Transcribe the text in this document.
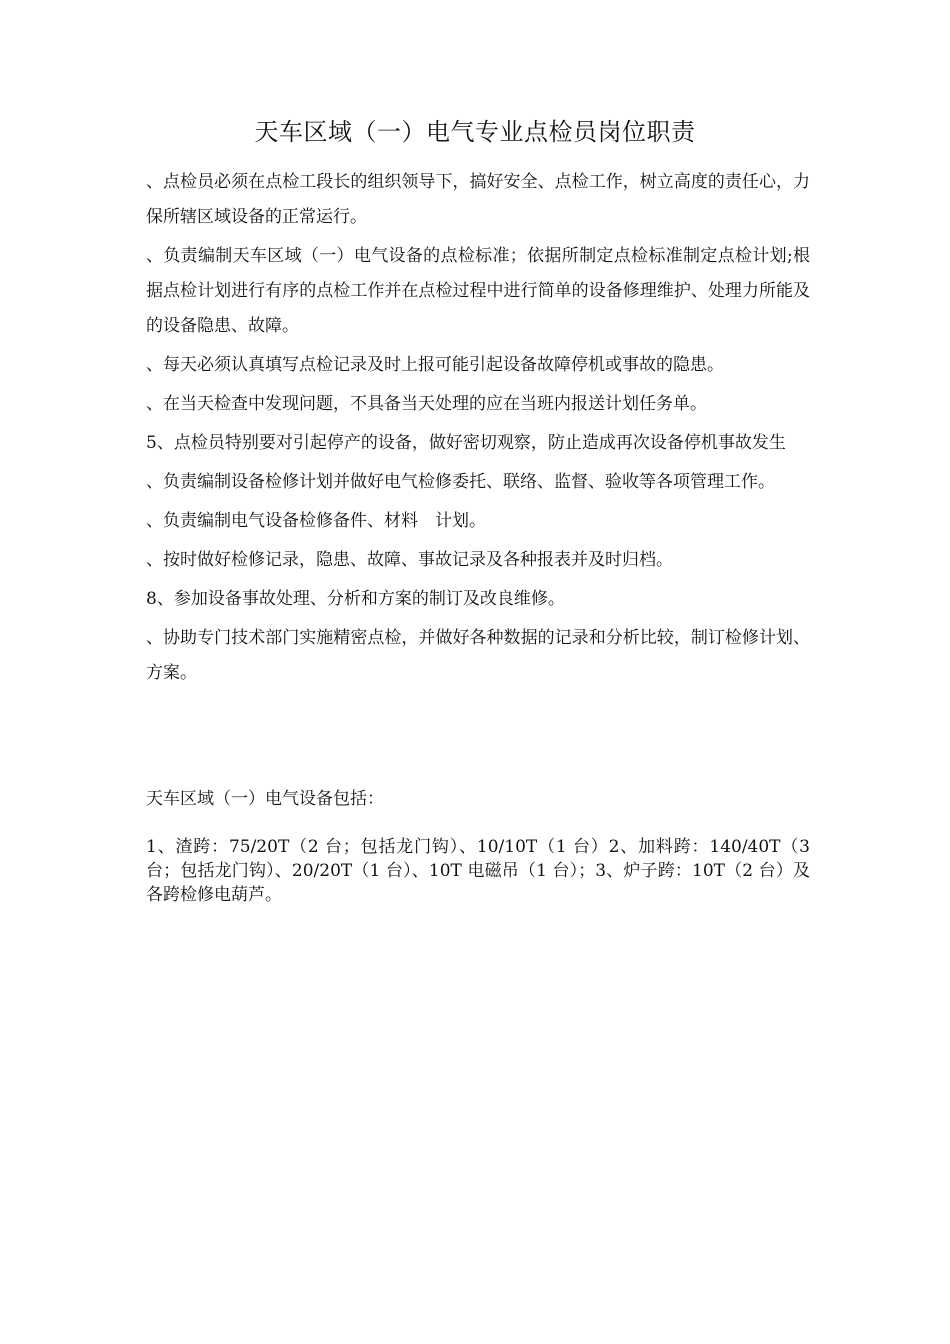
天车区域（一）电气专业点检员岗位职责
、点检员必须在点检工段长的组织领导下，搞好安全、点检工作，树立高度的责任心，力保所辖区域设备的正常运行。
、负责编制天车区域（一）电气设备的点检标准；依据所制定点检标准制定点检计划;根据点检计划进行有序的点检工作并在点检过程中进行简单的设备修理维护、处理力所能及的设备隐患、故障。
、每天必须认真填写点检记录及时上报可能引起设备故障停机或事故的隐患。
、在当天检查中发现问题，不具备当天处理的应在当班内报送计划任务单。
5、点检员特别要对引起停产的设备，做好密切观察，防止造成再次设备停机事故发生
、负责编制设备检修计划并做好电气检修委托、联络、监督、验收等各项管理工作。
、负责编制电气设备检修备件、材料　计划。
、按时做好检修记录，隐患、故障、事故记录及各种报表并及时归档。
8、参加设备事故处理、分析和方案的制订及改良维修。
、协助专门技术部门实施精密点检，并做好各种数据的记录和分析比较，制订检修计划、方案。

天车区域（一）电气设备包括：

1、渣跨：75/20T（2 台；包括龙门钩）、10/10T（1 台）2、加料跨：140/40T（3 台；包括龙门钩）、20/20T（1 台）、10T 电磁吊（1 台）；3、炉子跨：10T（2 台）及各跨检修电葫芦。
